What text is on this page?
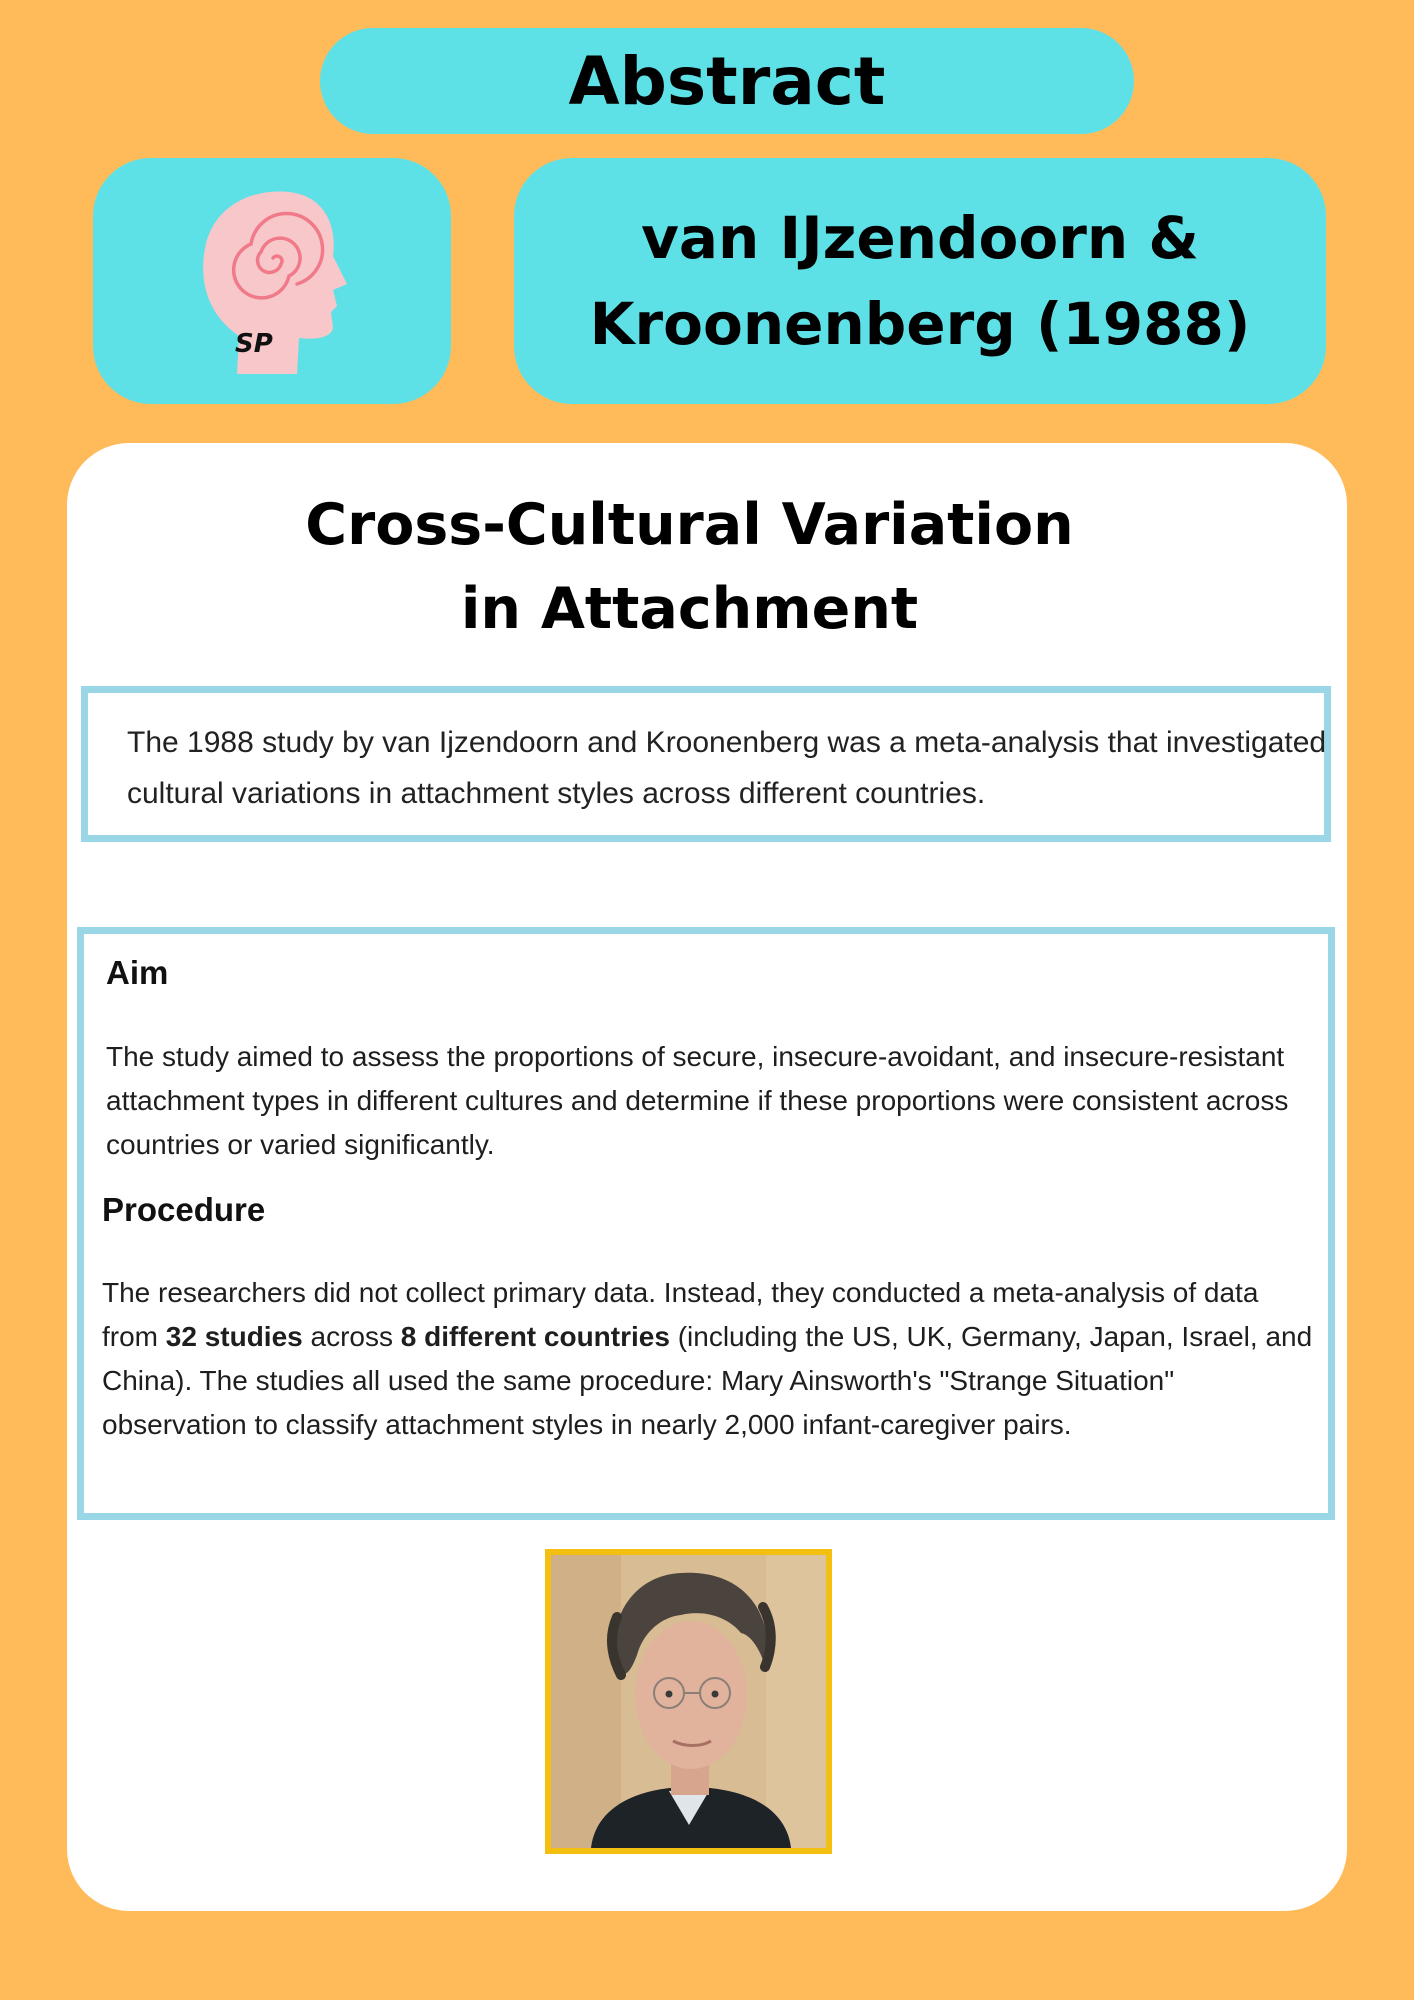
Abstract
SP
van IJzendoorn &
Kroonenberg (1988)
Cross-Cultural Variation
in Attachment
The 1988 study by van Ijzendoorn and Kroonenberg was a meta-analysis that investigated cultural variations in attachment styles across different countries.
Aim
The study aimed to assess the proportions of secure, insecure-avoidant, and insecure-resistant attachment types in different cultures and determine if these proportions were consistent across countries or varied significantly.
Procedure
The researchers did not collect primary data. Instead, they conducted a meta-analysis of data from 32 studies across 8 different countries (including the US, UK, Germany, Japan, Israel, and China). The studies all used the same procedure: Mary Ainsworth's "Strange Situation" observation to classify attachment styles in nearly 2,000 infant-caregiver pairs.
